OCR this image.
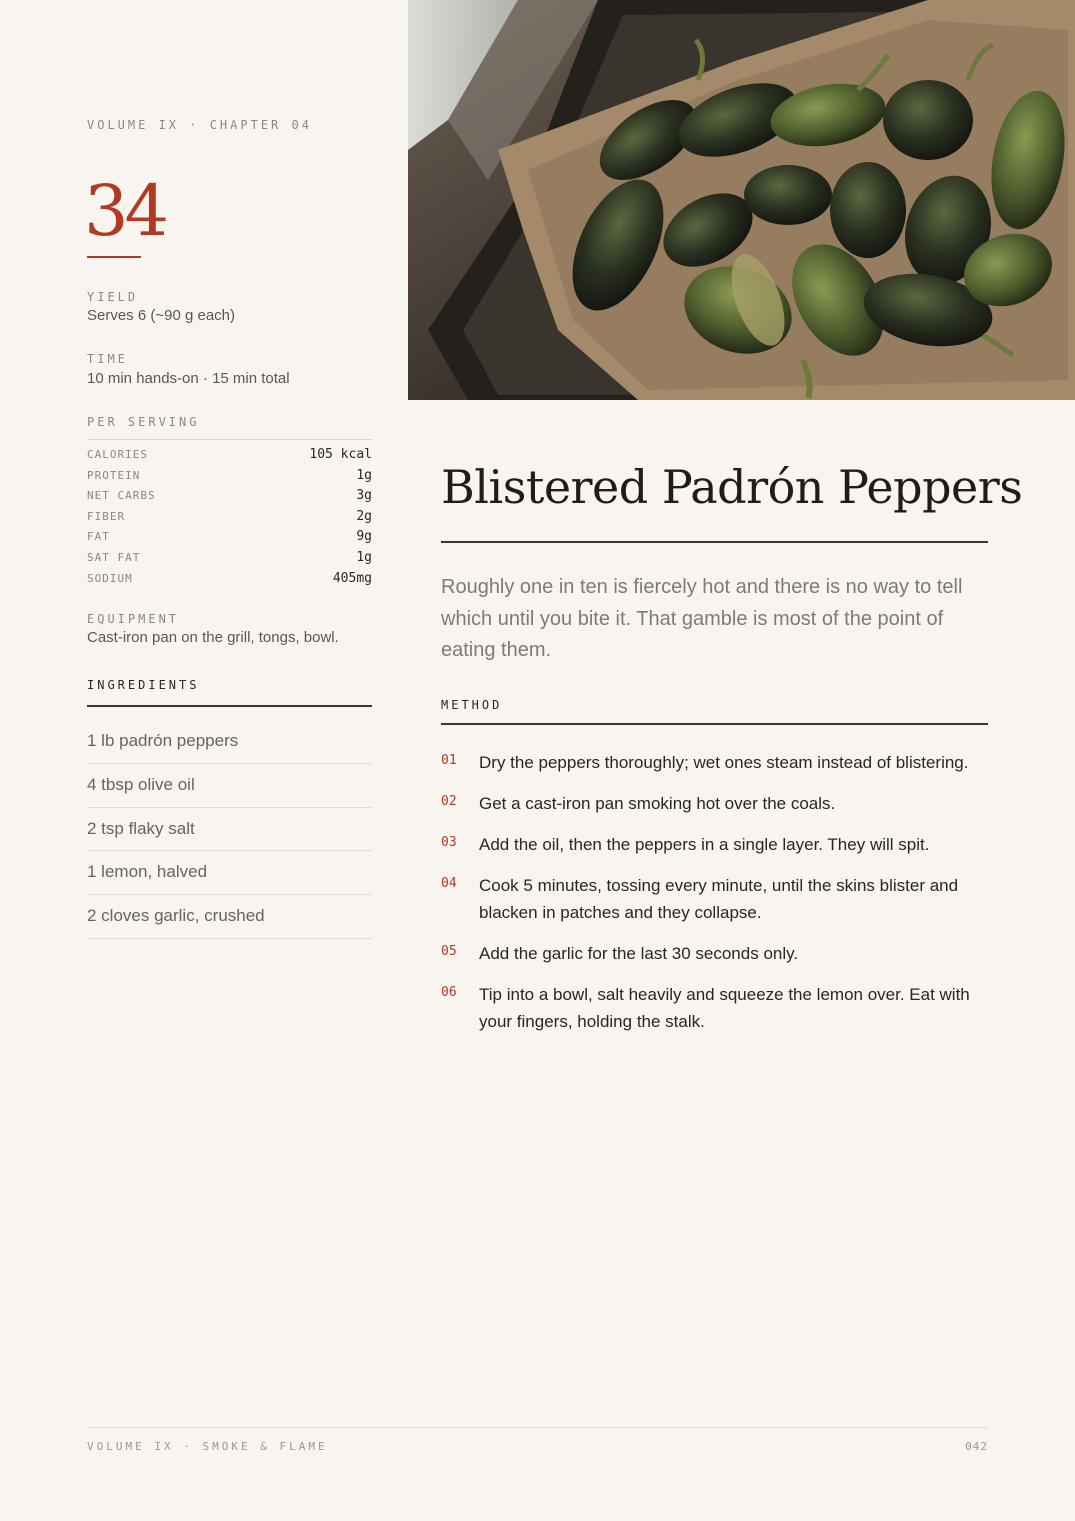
VOLUME IX · CHAPTER 04
34
YIELD
Serves 6 (~90 g each)
TIME
10 min hands-on · 15 min total
PER SERVING
CALORIES	105 kcal
PROTEIN	1g
NET CARBS	3g
FIBER	2g
FAT	9g
SAT FAT	1g
SODIUM	405mg
EQUIPMENT
Cast-iron pan on the grill, tongs, bowl.
INGREDIENTS
1 lb padrón peppers
4 tbsp olive oil
2 tsp flaky salt
1 lemon, halved
2 cloves garlic, crushed
Blistered Padrón Peppers

Roughly one in ten is fiercely hot and there is no way to tell which until you bite it. That gamble is most of the point of eating them.

METHOD
01	Dry the peppers thoroughly; wet ones steam instead of blistering.
02	Get a cast-iron pan smoking hot over the coals.
03	Add the oil, then the peppers in a single layer. They will spit.
04	Cook 5 minutes, tossing every minute, until the skins blister and blacken in patches and they collapse.
05	Add the garlic for the last 30 seconds only.
06	Tip into a bowl, salt heavily and squeeze the lemon over. Eat with your fingers, holding the stalk.
VOLUME IX · SMOKE & FLAME	042
